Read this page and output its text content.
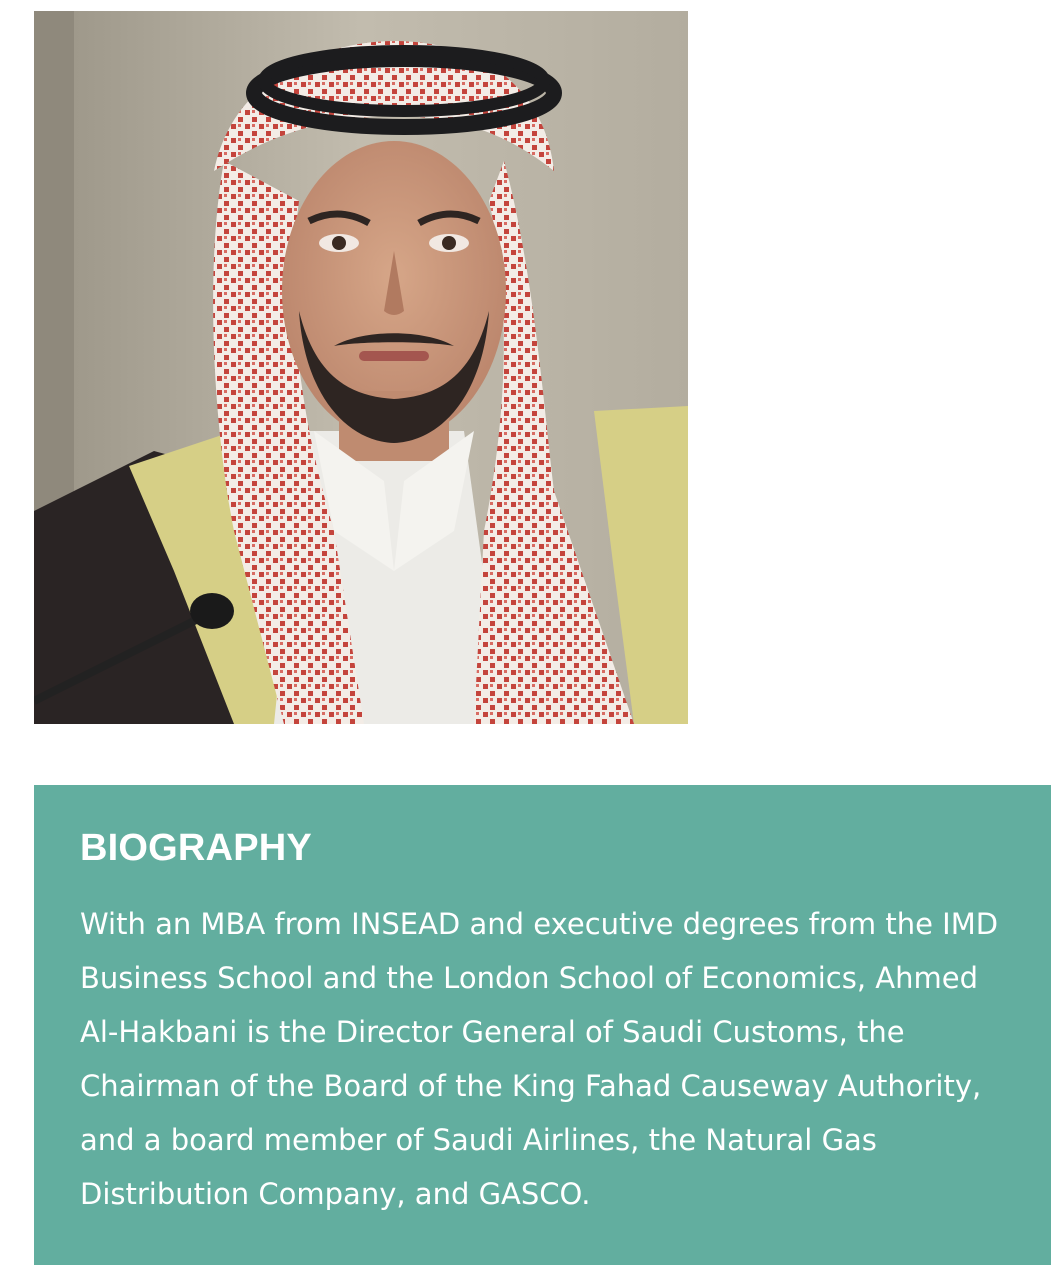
BIOGRAPHY

With an MBA from INSEAD and executive degrees from the IMD Business School and the London School of Economics, Ahmed Al-Hakbani is the Director General of Saudi Customs, the Chairman of the Board of the King Fahad Causeway Authority, and a board member of Saudi Airlines, the Natural Gas Distribution Company, and GASCO.
